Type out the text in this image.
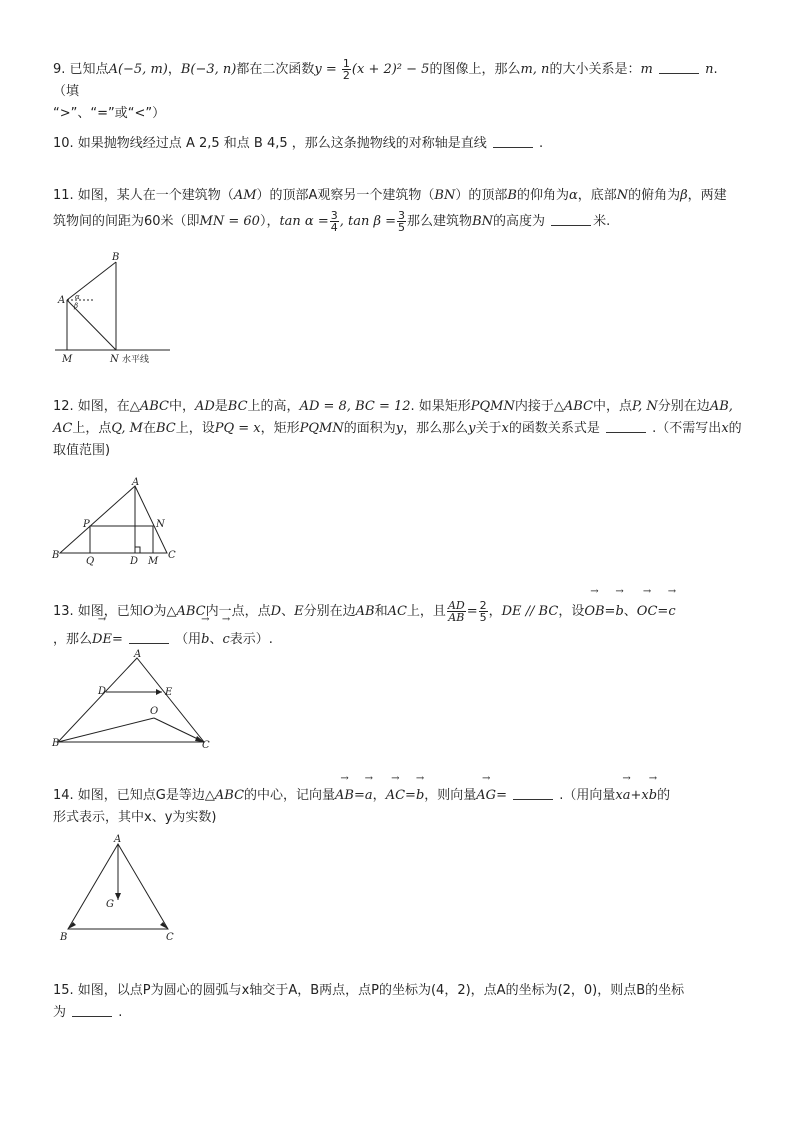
9. 已知点A(−5, m)，B(−3, n)都在二次函数$y = \frac{1}{2} (x + 2)^2 - 5$的图像上，那么m, n的大小关系是：m	n.（填
“>”、“=”或“<”）
10. 如果抛物线经过点 A 2,5 和点 B 4,5 ，那么这条抛物线的对称轴是直线	.
11. 如图，某人在一个建筑物（AM）的顶部A观察另一个建筑物（BN）的顶部B的仰角为α，底部N的俯角为β，两建
筑物间的间距为60米（即MN = 60），$\tan \alpha = \frac{3}{4}$ , $\tan \beta = \frac{3}{5}$ 那么建筑物BN的高度为	米.
A
B
M	N
α
β
水平线
12. 如图，在△ABC中，AD是BC上的高，AD = 8, BC = 12. 如果矩形PQMN内接于△ABC中，点P, N分别在边AB, AC上，点Q, M在BC上，设PQ = x，矩形PQMN的面积为y，那么那么y关于x的函数关系式是	.（不需写出x的取值范围)
A
B	C
P	N
Q	D M
13. 如图，已知O为△ABC内一点，点D、E分别在边AB和AC上，且 $\frac{AD}{AB} = \frac{2}{5}$ ，DE // BC，设→ OB=→ b、→ OC=→ c
，那么→ DE=	（用→ b、→ c表示）.
A
D	E
O
B	C
14. 如图，已知点G是等边△ABC的中心，记向量→ AB=→ a，→ AC=→ b，则向量→ AG=	.（用向量x→ a+x→ b的
形式表示，其中x、y为实数)
A
G
B	C
15. 如图，以点P为圆心的圆弧与x轴交于A，B两点，点P的坐标为(4，2)，点A的坐标为(2，0)，则点B的坐标
为	.
